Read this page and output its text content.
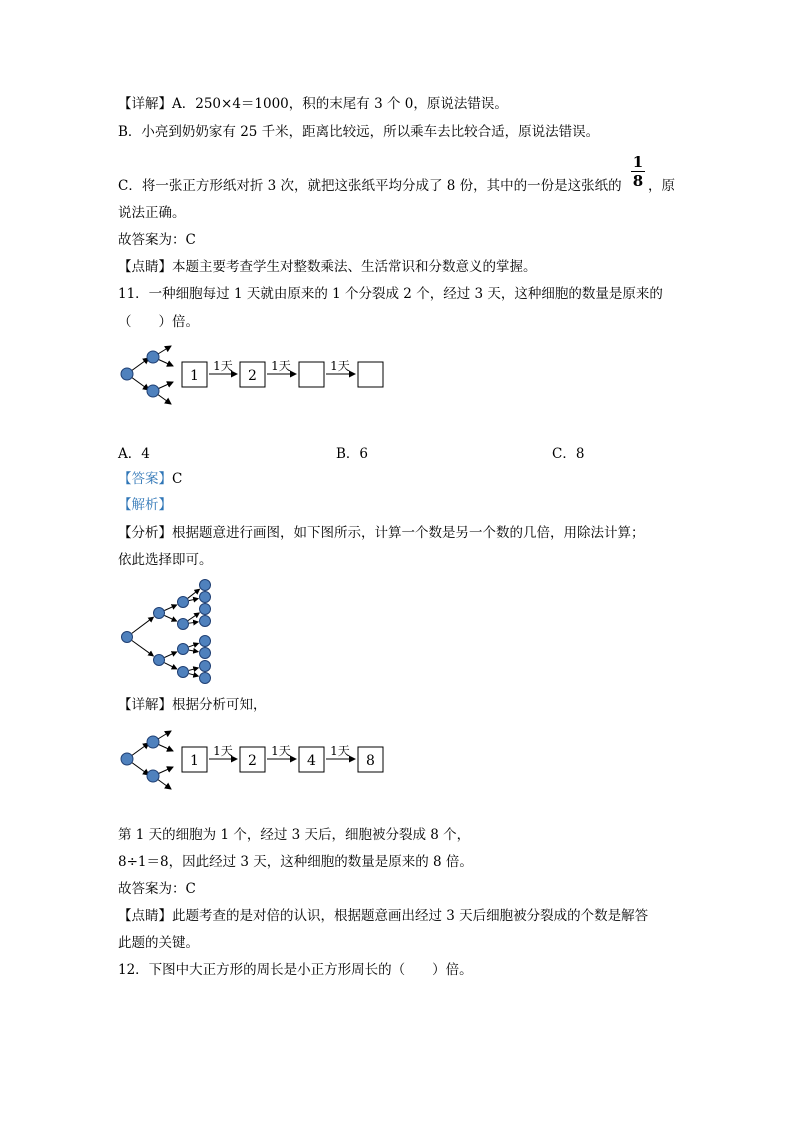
【详解】A．250×4＝1000，积的末尾有 3 个 0，原说法错误。
B．小亮到奶奶家有 25 千米，距离比较远，所以乘车去比较合适，原说法错误。
C．将一张正方形纸对折 3 次，就把这张纸平均分成了 8 份，其中的一份是这张纸的
1
8 ，原
说法正确。
故答案为：C
【点睛】本题主要考查学生对整数乘法、生活常识和分数意义的掌握。
11．一种细胞每过 1 天就由原来的 1 个分裂成 2 个，经过 3 天，这种细胞的数量是原来的
（　　）倍。
1
1天
2
1天	1天
A．4	B．6	C．8
【答案】C
【解析】
【分析】根据题意进行画图，如下图所示，计算一个数是另一个数的几倍，用除法计算；
依此选择即可。
【详解】根据分析可知，
1
1天
2
1天
4
1天
8
第 1 天的细胞为 1 个，经过 3 天后，细胞被分裂成 8 个，
8÷1＝8，因此经过 3 天，这种细胞的数量是原来的 8 倍。
故答案为：C
【点睛】此题考查的是对倍的认识，根据题意画出经过 3 天后细胞被分裂成的个数是解答
此题的关键。
12．下图中大正方形的周长是小正方形周长的（　　）倍。
